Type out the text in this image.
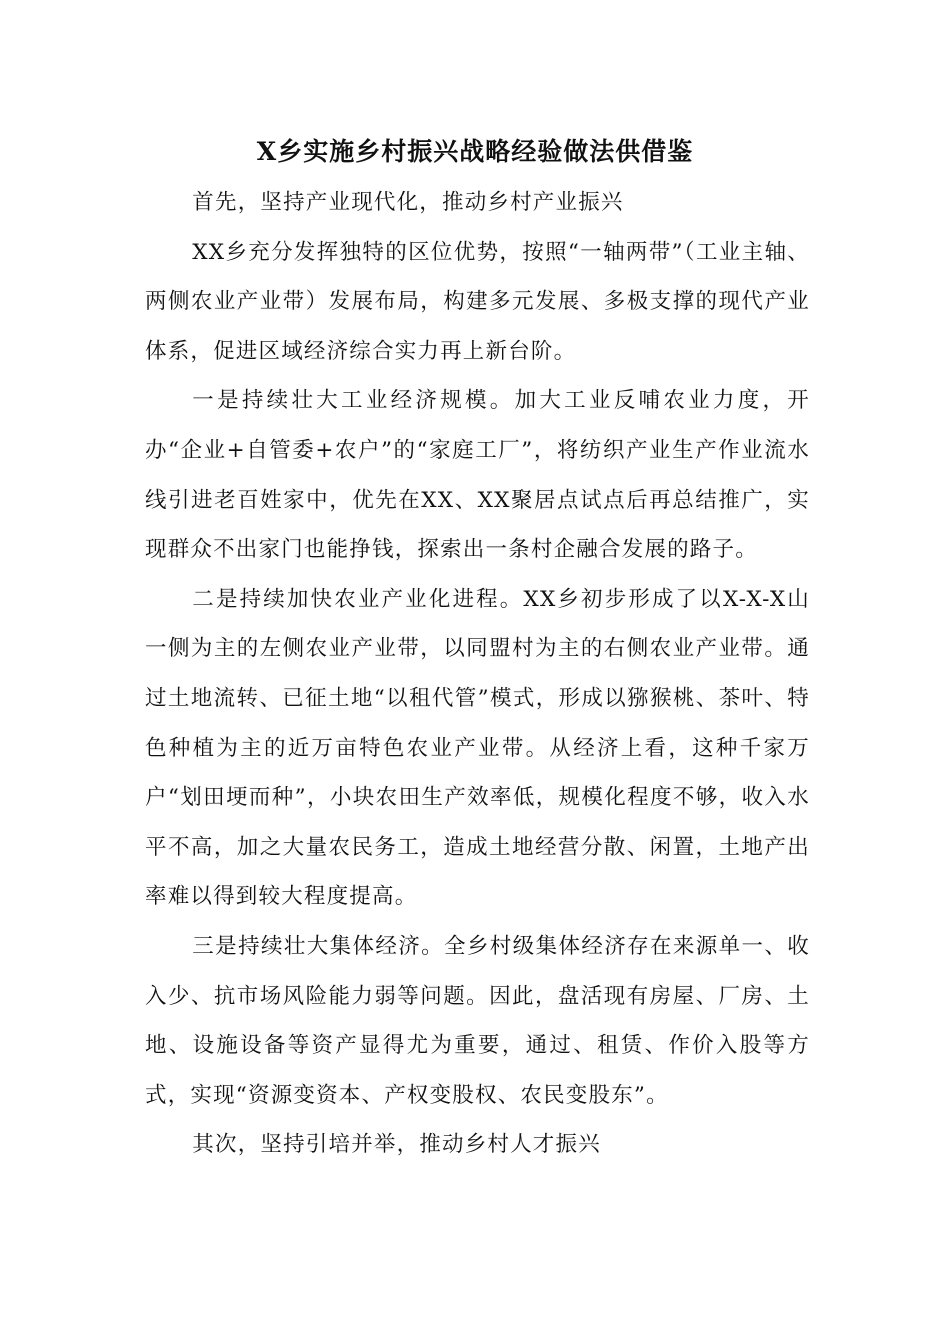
X乡实施乡村振兴战略经验做法供借鉴

首先，坚持产业现代化，推动乡村产业振兴

XX乡充分发挥独特的区位优势，按照“一轴两带”（工业主轴、两侧农业产业带）发展布局，构建多元发展、多极支撑的现代产业体系，促进区域经济综合实力再上新台阶。

一是持续壮大工业经济规模。加大工业反哺农业力度，开办“企业+自管委+农户”的“家庭工厂”，将纺织产业生产作业流水线引进老百姓家中，优先在XX、XX聚居点试点后再总结推广，实现群众不出家门也能挣钱，探索出一条村企融合发展的路子。

二是持续加快农业产业化进程。XX乡初步形成了以X-X-X山一侧为主的左侧农业产业带，以同盟村为主的右侧农业产业带。通过土地流转、已征土地“以租代管”模式，形成以猕猴桃、茶叶、特色种植为主的近万亩特色农业产业带。从经济上看，这种千家万户“划田埂而种”，小块农田生产效率低，规模化程度不够，收入水平不高，加之大量农民务工，造成土地经营分散、闲置，土地产出率难以得到较大程度提高。

三是持续壮大集体经济。全乡村级集体经济存在来源单一、收入少、抗市场风险能力弱等问题。因此，盘活现有房屋、厂房、土地、设施设备等资产显得尤为重要，通过、租赁、作价入股等方式，实现“资源变资本、产权变股权、农民变股东”。

其次，坚持引培并举，推动乡村人才振兴
